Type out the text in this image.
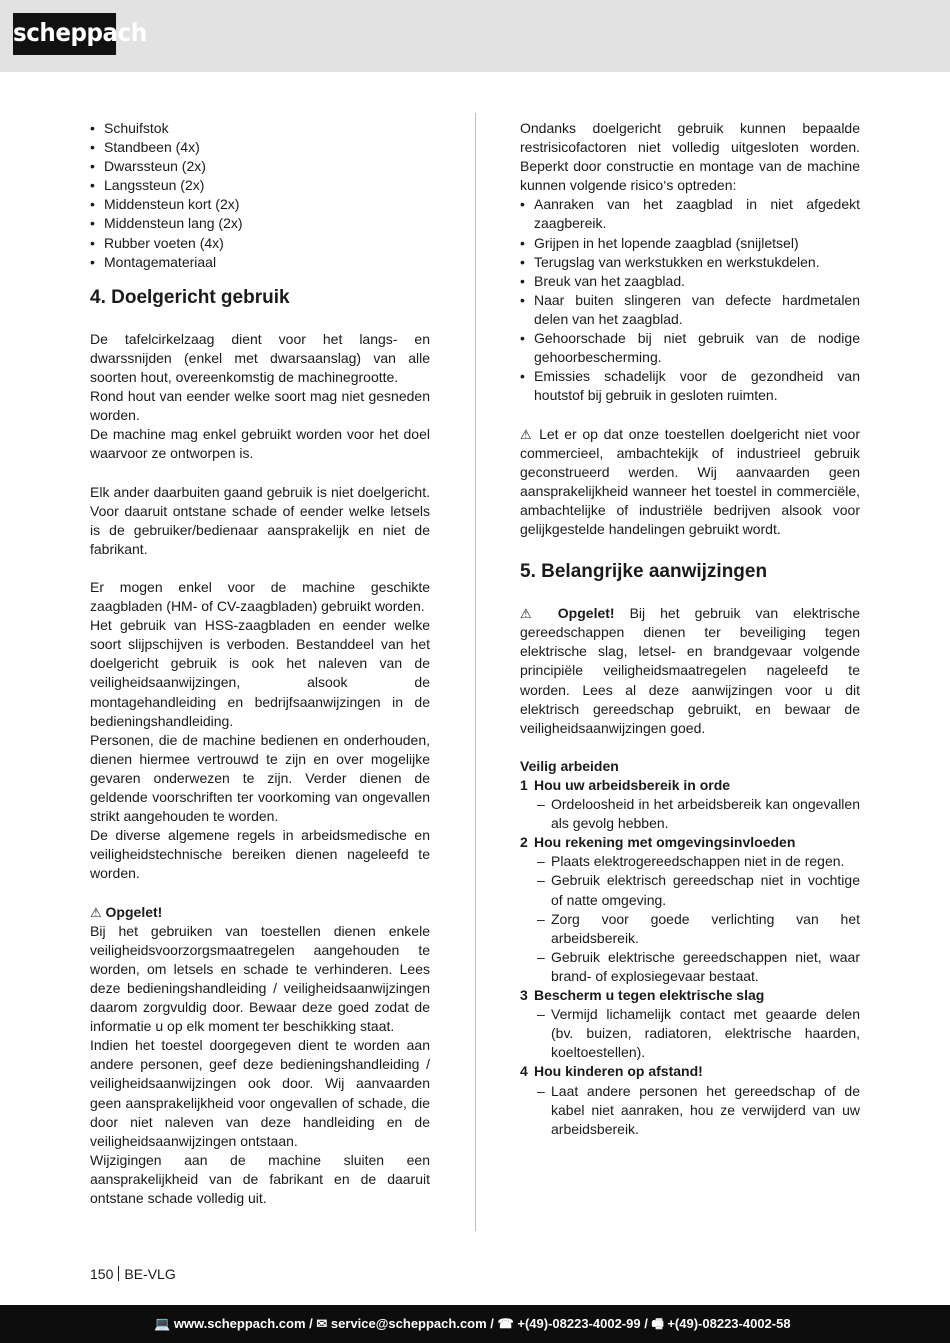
scheppach
• Schuifstok
• Standbeen (4x)
• Dwarssteun (2x)
• Langssteun (2x)
• Middensteun kort (2x)
• Middensteun lang (2x)
• Rubber voeten (4x)
• Montagemateriaal
4. Doelgericht gebruik

De tafelcirkelzaag dient voor het langs- en dwarssnijden (enkel met dwarsaanslag) van alle soorten hout, overeenkomstig de machinegrootte.

Rond hout van eender welke soort mag niet gesneden worden.

De machine mag enkel gebruikt worden voor het doel waarvoor ze ontworpen is.

Elk ander daarbuiten gaand gebruik is niet doelgericht. Voor daaruit ontstane schade of eender welke letsels is de gebruiker/bedienaar aansprakelijk en niet de fabrikant.

Er mogen enkel voor de machine geschikte zaagbladen (HM- of CV-zaagbladen) gebruikt worden.

Het gebruik van HSS-zaagbladen en eender welke soort slijpschijven is verboden. Bestanddeel van het doelgericht gebruik is ook het naleven van de veiligheidsaanwijzingen, alsook de montagehandleiding en bedrijfsaanwijzingen in de bedieningshandleiding.

Personen, die de machine bedienen en onderhouden, dienen hiermee vertrouwd te zijn en over mogelijke gevaren onderwezen te zijn. Verder dienen de geldende voorschriften ter voorkoming van ongevallen strikt aangehouden te worden.

De diverse algemene regels in arbeidsmedische en veiligheidstechnische bereiken dienen nageleefd te worden.

⚠ Opgelet!

Bij het gebruiken van toestellen dienen enkele veiligheidsvoorzorgsmaatregelen aangehouden te worden, om letsels en schade te verhinderen. Lees deze bedieningshandleiding / veiligheidsaanwijzingen daarom zorgvuldig door. Bewaar deze goed zodat de informatie u op elk moment ter beschikking staat.

Indien het toestel doorgegeven dient te worden aan andere personen, geef deze bedieningshandleiding / veiligheidsaanwijzingen ook door. Wij aanvaarden geen aansprakelijkheid voor ongevallen of schade, die door niet naleven van deze handleiding en de veiligheidsaanwijzingen ontstaan.

Wijzigingen aan de machine sluiten een aansprakelijkheid van de fabrikant en de daaruit ontstane schade volledig uit.

Ondanks doelgericht gebruik kunnen bepaalde restrisicofactoren niet volledig uitgesloten worden. Beperkt door constructie en montage van de machine kunnen volgende risico‘s optreden:

• Aanraken van het zaagblad in niet afgedekt zaagbereik.
• Grijpen in het lopende zaagblad (snijletsel)
• Terugslag van werkstukken en werkstukdelen.
• Breuk van het zaagblad.
• Naar buiten slingeren van defecte hardmetalen delen van het zaagblad.
• Gehoorschade bij niet gebruik van de nodige gehoorbescherming.
• Emissies schadelijk voor de gezondheid van houtstof bij gebruik in gesloten ruimten.

⚠ Let er op dat onze toestellen doelgericht niet voor commercieel, ambachtekijk of industrieel gebruik geconstrueerd werden. Wij aanvaarden geen aansprakelijkheid wanneer het toestel in commerciële, ambachtelijke of industriële bedrijven alsook voor gelijkgestelde handelingen gebruikt wordt.

5. Belangrijke aanwijzingen

⚠ Opgelet! Bij het gebruik van elektrische gereedschappen dienen ter beveiliging tegen elektrische slag, letsel- en brandgevaar volgende principiële veiligheidsmaatregelen nageleefd te worden. Lees al deze aanwijzingen voor u dit elektrisch gereedschap gebruikt, en bewaar de veiligheidsaanwijzingen goed.

Veilig arbeiden

1 Hou uw arbeidsbereik in orde
– Ordeloosheid in het arbeidsbereik kan ongevallen als gevolg hebben.
2 Hou rekening met omgevingsinvloeden
– Plaats elektrogereedschappen niet in de regen.
– Gebruik elektrisch gereedschap niet in vochtige of natte omgeving.
– Zorg voor goede verlichting van het arbeidsbereik.
– Gebruik elektrische gereedschappen niet, waar brand- of explosiegevaar bestaat.
3 Bescherm u tegen elektrische slag
– Vermijd lichamelijk contact met geaarde delen (bv. buizen, radiatoren, elektrische haarden, koeltoestellen).
4 Hou kinderen op afstand!
– Laat andere personen het gereedschap of de kabel niet aanraken, hou ze verwijderd van uw arbeidsbereik.
150 BE-VLG
💻 www.scheppach.com / ✉ service@scheppach.com / ☎ +(49)-08223-4002-99 / 🖷 +(49)-08223-4002-58
